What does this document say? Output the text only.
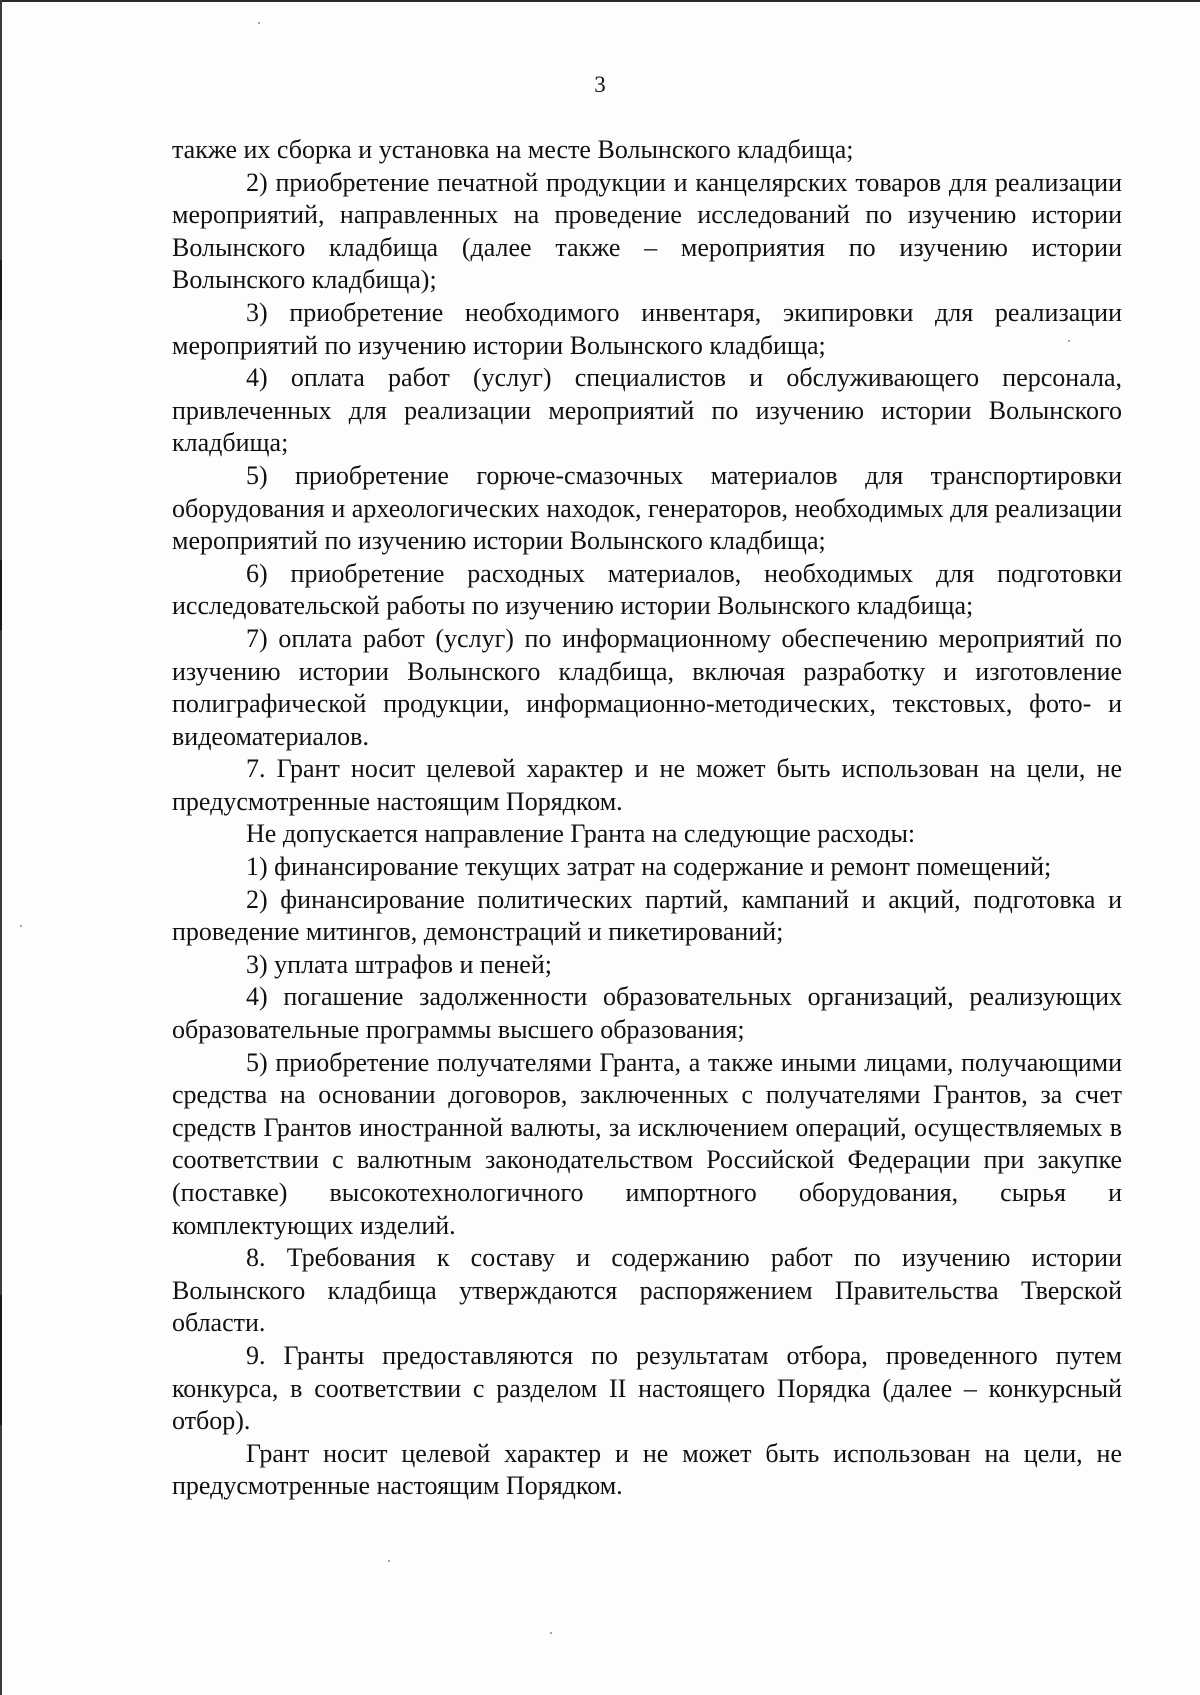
3

также их сборка и установка на месте Волынского кладбища;

2) приобретение печатной продукции и канцелярских товаров для реализации мероприятий, направленных на проведение исследований по изучению истории Волынского кладбища (далее также – мероприятия по изучению истории Волынского кладбища);

3) приобретение необходимого инвентаря, экипировки для реализации мероприятий по изучению истории Волынского кладбища;

4) оплата работ (услуг) специалистов и обслуживающего персонала, привлеченных для реализации мероприятий по изучению истории Волынского кладбища;

5) приобретение горюче-смазочных материалов для транспортировки оборудования и археологических находок, генераторов, необходимых для реализации мероприятий по изучению истории Волынского кладбища;

6) приобретение расходных материалов, необходимых для подготовки исследовательской работы по изучению истории Волынского кладбища;

7) оплата работ (услуг) по информационному обеспечению мероприятий по изучению истории Волынского кладбища, включая разработку и изготовление полиграфической продукции, информационно-методических, текстовых, фото- и видеоматериалов.

7. Грант носит целевой характер и не может быть использован на цели, не предусмотренные настоящим Порядком.

Не допускается направление Гранта на следующие расходы:

1) финансирование текущих затрат на содержание и ремонт помещений;

2) финансирование политических партий, кампаний и акций, подготовка и проведение митингов, демонстраций и пикетирований;

3) уплата штрафов и пеней;

4) погашение задолженности образовательных организаций, реализующих образовательные программы высшего образования;

5) приобретение получателями Гранта, а также иными лицами, получающими средства на основании договоров, заключенных с получателями Грантов, за счет средств Грантов иностранной валюты, за исключением операций, осуществляемых в соответствии с валютным законодательством Российской Федерации при закупке (поставке) высокотехнологичного импортного оборудования, сырья и комплектующих изделий.

8. Требования к составу и содержанию работ по изучению истории Волынского кладбища утверждаются распоряжением Правительства Тверской области.

9. Гранты предоставляются по результатам отбора, проведенного путем конкурса, в соответствии с разделом II настоящего Порядка (далее – конкурсный отбор).

Грант носит целевой характер и не может быть использован на цели, не предусмотренные настоящим Порядком.
